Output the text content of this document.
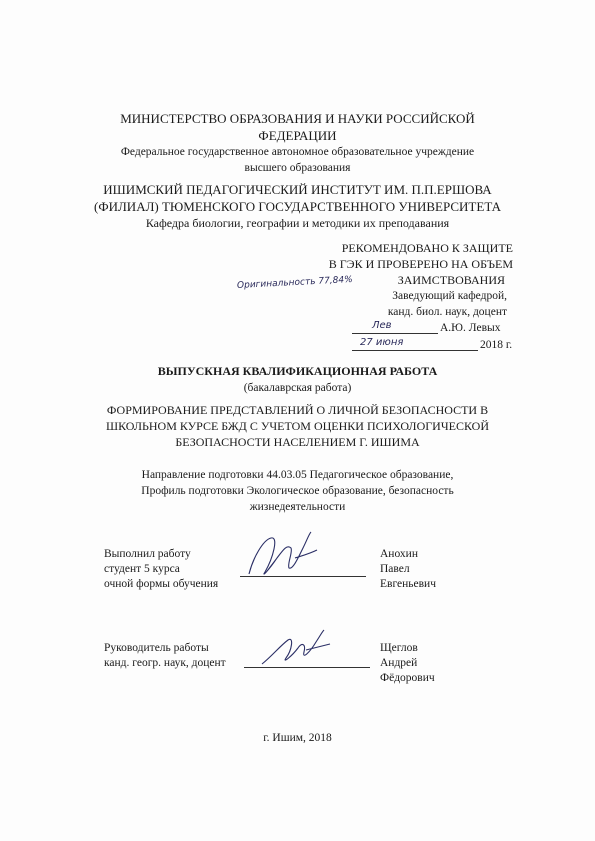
МИНИСТЕРСТВО ОБРАЗОВАНИЯ И НАУКИ РОССИЙСКОЙ
ФЕДЕРАЦИИ
Федеральное государственное автономное образовательное учреждение
высшего образования
ИШИМСКИЙ ПЕДАГОГИЧЕСКИЙ ИНСТИТУТ ИМ. П.П.ЕРШОВА
(ФИЛИАЛ) ТЮМЕНСКОГО ГОСУДАРСТВЕННОГО УНИВЕРСИТЕТА
Кафедра биологии, географии и методики их преподавания
РЕКОМЕНДОВАНО К ЗАЩИТЕ
В ГЭК И ПРОВЕРЕНО НА ОБЪЕМ
ЗАИМСТВОВАНИЯ
Оригинальность 77,84%
Заведующий кафедрой,
канд. биол. наук, доцент
Лев	А.Ю. Левых
27 июня	2018 г.
ВЫПУСКНАЯ КВАЛИФИКАЦИОННАЯ РАБОТА
(бакалаврская работа)
ФОРМИРОВАНИЕ ПРЕДСТАВЛЕНИЙ О ЛИЧНОЙ БЕЗОПАСНОСТИ В
ШКОЛЬНОМ КУРСЕ БЖД С УЧЕТОМ ОЦЕНКИ ПСИХОЛОГИЧЕСКОЙ
БЕЗОПАСНОСТИ НАСЕЛЕНИЕМ Г. ИШИМА
Направление подготовки 44.03.05 Педагогическое образование,
Профиль подготовки Экологическое образование, безопасность
жизнедеятельности
Выполнил работу
студент 5 курса
очной формы обучения
Анохин
Павел
Евгеньевич
Руководитель работы
канд. геогр. наук, доцент
Щеглов
Андрей
Фёдорович
г. Ишим, 2018
